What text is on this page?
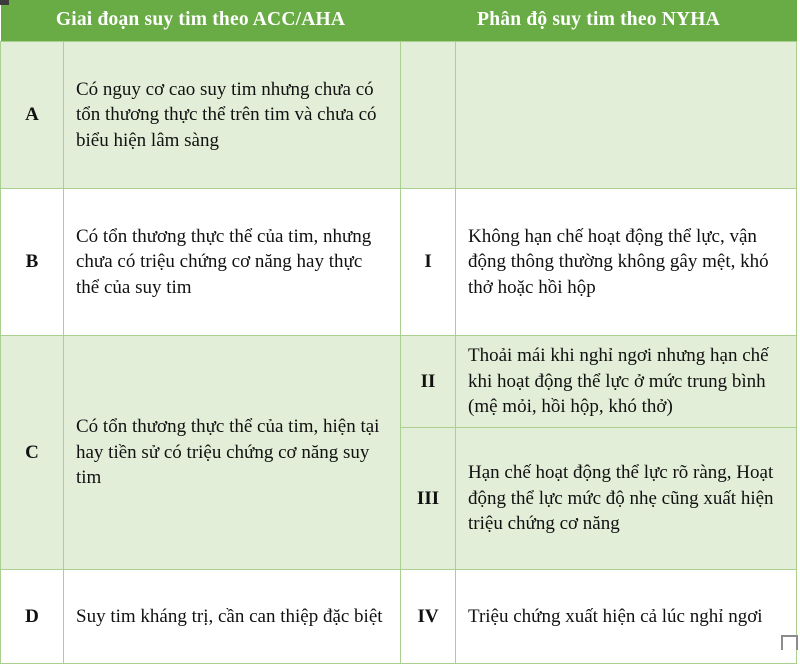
Giai đoạn suy tim theo ACC/AHA		Phân độ suy tim theo NYHA	
A	Có nguy cơ cao suy tim nhưng chưa có tổn thương thực thể trên tim và chưa có biểu hiện lâm sàng		
B	Có tổn thương thực thể của tim, nhưng chưa có triệu chứng cơ năng hay thực thể của suy tim	I	Không hạn chế hoạt động thể lực, vận động thông thường không gây mệt, khó thở hoặc hồi hộp
C	Có tổn thương thực thể của tim, hiện tại hay tiền sử có triệu chứng cơ năng suy tim	II	Thoải mái khi nghỉ ngơi nhưng hạn chế khi hoạt động thể lực ở mức trung bình (mệ mỏi, hồi hộp, khó thở)
		III	Hạn chế hoạt động thể lực rõ ràng, Hoạt động thể lực mức độ nhẹ cũng xuất hiện triệu chứng cơ năng
D	Suy tim kháng trị, cần can thiệp đặc biệt	IV	Triệu chứng xuất hiện cả lúc nghỉ ngơi
